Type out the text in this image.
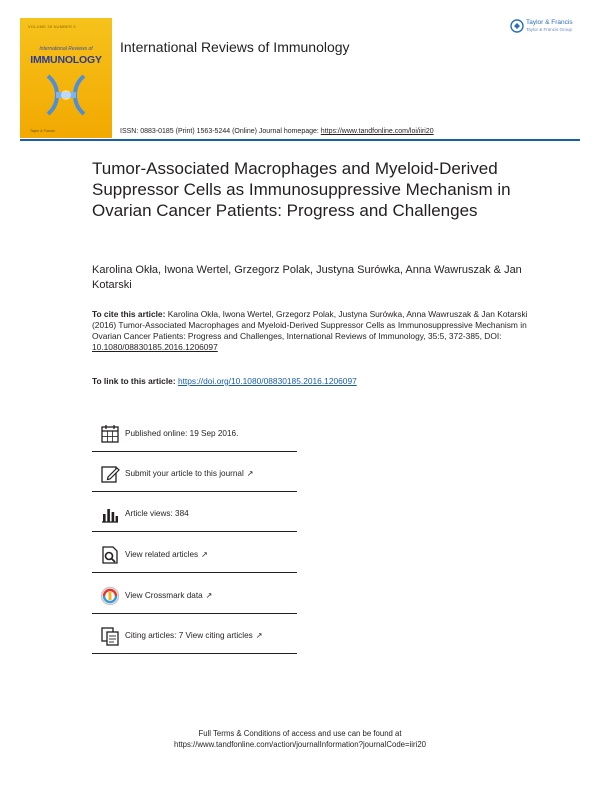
VOLUME 35 NUMBER 5
International Reviews of
IMMUNOLOGY
Taylor & Francis
International Reviews of Immunology
Taylor & Francis
Taylor & Francis Group
ISSN: 0883-0185 (Print) 1563-5244 (Online) Journal homepage: https://www.tandfonline.com/loi/iiri20
Tumor-Associated Macrophages and Myeloid-Derived Suppressor Cells as Immunosuppressive Mechanism in Ovarian Cancer Patients: Progress and Challenges
Karolina Okła, Iwona Wertel, Grzegorz Polak, Justyna Surówka, Anna Wawruszak & Jan Kotarski
To cite this article: Karolina Okła, Iwona Wertel, Grzegorz Polak, Justyna Surówka, Anna Wawruszak & Jan Kotarski (2016) Tumor-Associated Macrophages and Myeloid-Derived Suppressor Cells as Immunosuppressive Mechanism in Ovarian Cancer Patients: Progress and Challenges, International Reviews of Immunology, 35:5, 372-385, DOI: 10.1080/08830185.2016.1206097
To link to this article: https://doi.org/10.1080/08830185.2016.1206097
Published online: 19 Sep 2016.
Submit your article to this journal ↗
Article views: 384
View related articles ↗
View Crossmark data ↗
Citing articles: 7 View citing articles ↗
Full Terms & Conditions of access and use can be found at
https://www.tandfonline.com/action/journalInformation?journalCode=iiri20
